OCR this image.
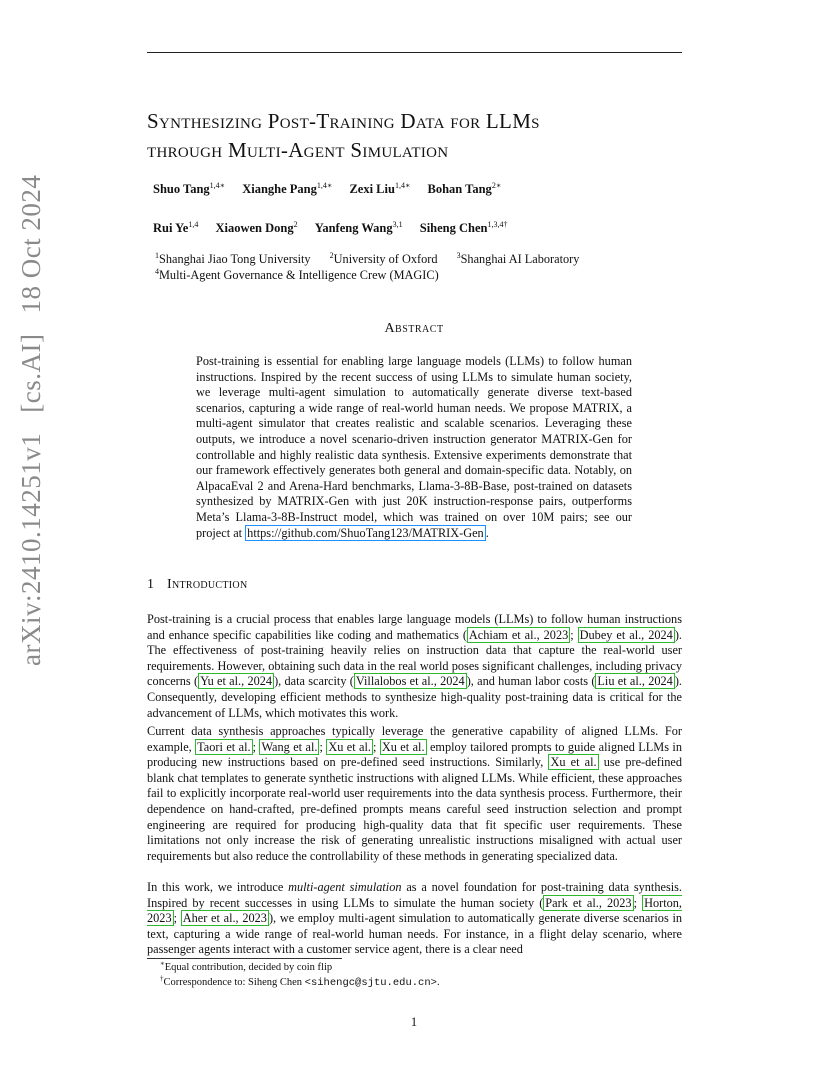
arXiv:2410.14251v1[cs.AI]18 Oct 2024
Synthesizing Post-Training Data for LLMs
through Multi-Agent Simulation
Shuo Tang$^{1,4∗}$ Xianghe Pang$^{1,4∗}$ Zexi Liu$^{1,4∗}$ Bohan Tang$^{2∗}$
Rui Ye$^{1,4}$ Xiaowen Dong$^2$ Yanfeng Wang$^{3,1}$ Siheng Chen$^{1,3,4\dagger}$
$^1$Shanghai Jiao Tong University $^2$University of Oxford $^3$Shanghai AI Laboratory
$^4$Multi-Agent Governance & Intelligence Crew (MAGIC)
Abstract
Post-training is essential for enabling large language models (LLMs) to follow human instructions. Inspired by the recent success of using LLMs to simulate human society, we leverage multi-agent simulation to automatically generate diverse text-based scenarios, capturing a wide range of real-world human needs. We propose MATRIX, a multi-agent simulator that creates realistic and scalable scenarios. Leveraging these outputs, we introduce a novel scenario-driven instruction generator MATRIX-Gen for controllable and highly realistic data synthesis. Extensive experiments demonstrate that our framework effectively generates both general and domain-specific data. Notably, on AlpacaEval 2 and Arena-Hard benchmarks, Llama-3-8B-Base, post-trained on datasets synthesized by MATRIX-Gen with just 20K instruction-response pairs, outperforms Meta’s Llama-3-8B-Instruct model, which was trained on over 10M pairs; see our project at https://github.com/ShuoTang123/MATRIX-Gen .
1 Introduction
Post-training is a crucial process that enables large language models (LLMs) to follow human instructions and enhance specific capabilities like coding and mathematics ( Achiam et al., 2023 ; Dubey et al., 2024 ). The effectiveness of post-training heavily relies on instruction data that capture the real-world user requirements. However, obtaining such data in the real world poses significant challenges, including privacy concerns ( Yu et al., 2024 ), data scarcity ( Villalobos et al., 2024 ), and human labor costs ( Liu et al., 2024 ). Consequently, developing efficient methods to synthesize high-quality post-training data is critical for the advancement of LLMs, which motivates this work.
Current data synthesis approaches typically leverage the generative capability of aligned LLMs. For example, Taori et al. ; Wang et al. ; Xu et al. ; Xu et al. employ tailored prompts to guide aligned LLMs in producing new instructions based on pre-defined seed instructions. Similarly, Xu et al. use pre-defined blank chat templates to generate synthetic instructions with aligned LLMs. While efficient, these approaches fail to explicitly incorporate real-world user requirements into the data synthesis process. Furthermore, their dependence on hand-crafted, pre-defined prompts means careful seed instruction selection and prompt engineering are required for producing high-quality data that fit specific user requirements. These limitations not only increase the risk of generating unrealistic instructions misaligned with actual user requirements but also reduce the controllability of these methods in generating specialized data.
In this work, we introduce multi-agent simulation as a novel foundation for post-training data synthesis. Inspired by recent successes in using LLMs to simulate the human society ( Park et al., 2023 ; Horton, 2023 ; Aher et al., 2023 ), we employ multi-agent simulation to automatically generate diverse scenarios in text, capturing a wide range of real-world human needs. For instance, in a flight delay scenario, where passenger agents interact with a customer service agent, there is a clear need
∗Equal contribution, decided by coin flip
†Correspondence to: Siheng Chen <sihengc@sjtu.edu.cn>.
1
